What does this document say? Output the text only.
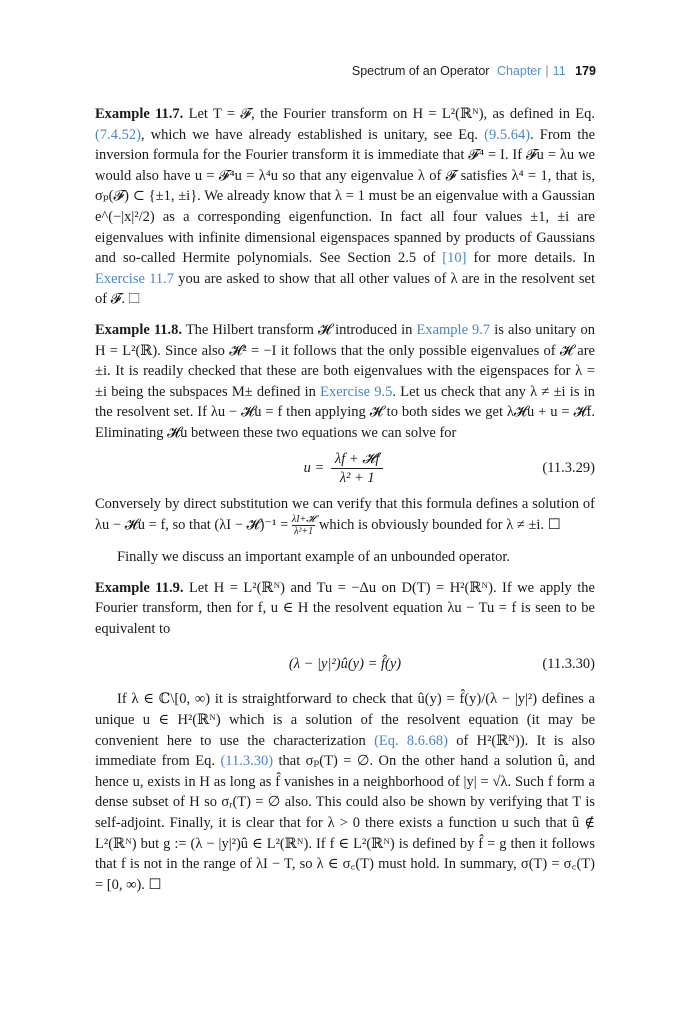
Spectrum of an Operator Chapter | 11 179

Example 11.7. Let T = 𝓕, the Fourier transform on H = L²(ℝᴺ), as defined in Eq. (7.4.52), which we have already established is unitary, see Eq. (9.5.64). From the inversion formula for the Fourier transform it is immediate that 𝓕⁴ = I. If 𝓕u = λu we would also have u = 𝓕⁴u = λ⁴u so that any eigenvalue λ of 𝓕 satisfies λ⁴ = 1, that is, σₚ(𝓕) ⊂ {±1, ±i}. We already know that λ = 1 must be an eigenvalue with a Gaussian e^(−|x|²/2) as a corresponding eigenfunction. In fact all four values ±1, ±i are eigenvalues with infinite dimensional eigenspaces spanned by products of Gaussians and so-called Hermite polynomials. See Section 2.5 of [10] for more details. In Exercise 11.7 you are asked to show that all other values of λ are in the resolvent set of 𝓕. ☐

Example 11.8. The Hilbert transform 𝓗 introduced in Example 9.7 is also unitary on H = L²(ℝ). Since also 𝓗² = −I it follows that the only possible eigenvalues of 𝓗 are ±i. It is readily checked that these are both eigenvalues with the eigenspaces for λ = ±i being the subspaces M± defined in Exercise 9.5. Let us check that any λ ≠ ±i is in the resolvent set. If λu − 𝓗u = f then applying 𝓗 to both sides we get λ𝓗u + u = 𝓗f. Eliminating 𝓗u between these two equations we can solve for

$u = \frac{\text{λf + 𝓗f}}{\text{λ² + 1}}$	(11.3.29)

Conversely by direct substitution we can verify that this formula defines a solution of λu − 𝓗u = f, so that (λI − 𝓗)⁻¹ = $\frac{\text{λI+𝓗}}{\text{λ²+1}}$ which is obviously bounded for λ ≠ ±i. ☐

Finally we discuss an important example of an unbounded operator.

Example 11.9. Let H = L²(ℝᴺ) and Tu = −Δu on D(T) = H²(ℝᴺ). If we apply the Fourier transform, then for f, u ∈ H the resolvent equation λu − Tu = f is seen to be equivalent to

(λ − |y|²)û(y) = f̂(y)	(11.3.30)

If λ ∈ ℂ\[0, ∞) it is straightforward to check that û(y) = f̂(y)/(λ − |y|²) defines a unique u ∈ H²(ℝᴺ) which is a solution of the resolvent equation (it may be convenient here to use the characterization (Eq. 8.6.68) of H²(ℝᴺ)). It is also immediate from Eq. (11.3.30) that σₚ(T) = ∅. On the other hand a solution û, and hence u, exists in H as long as f̂ vanishes in a neighborhood of |y| = √λ. Such f form a dense subset of H so σᵣ(T) = ∅ also. This could also be shown by verifying that T is self-adjoint. Finally, it is clear that for λ > 0 there exists a function u such that û ∉ L²(ℝᴺ) but g := (λ − |y|²)û ∈ L²(ℝᴺ). If f ∈ L²(ℝᴺ) is defined by f̂ = g then it follows that f is not in the range of λI − T, so λ ∈ σ꜀(T) must hold. In summary, σ(T) = σ꜀(T) = [0, ∞). ☐
